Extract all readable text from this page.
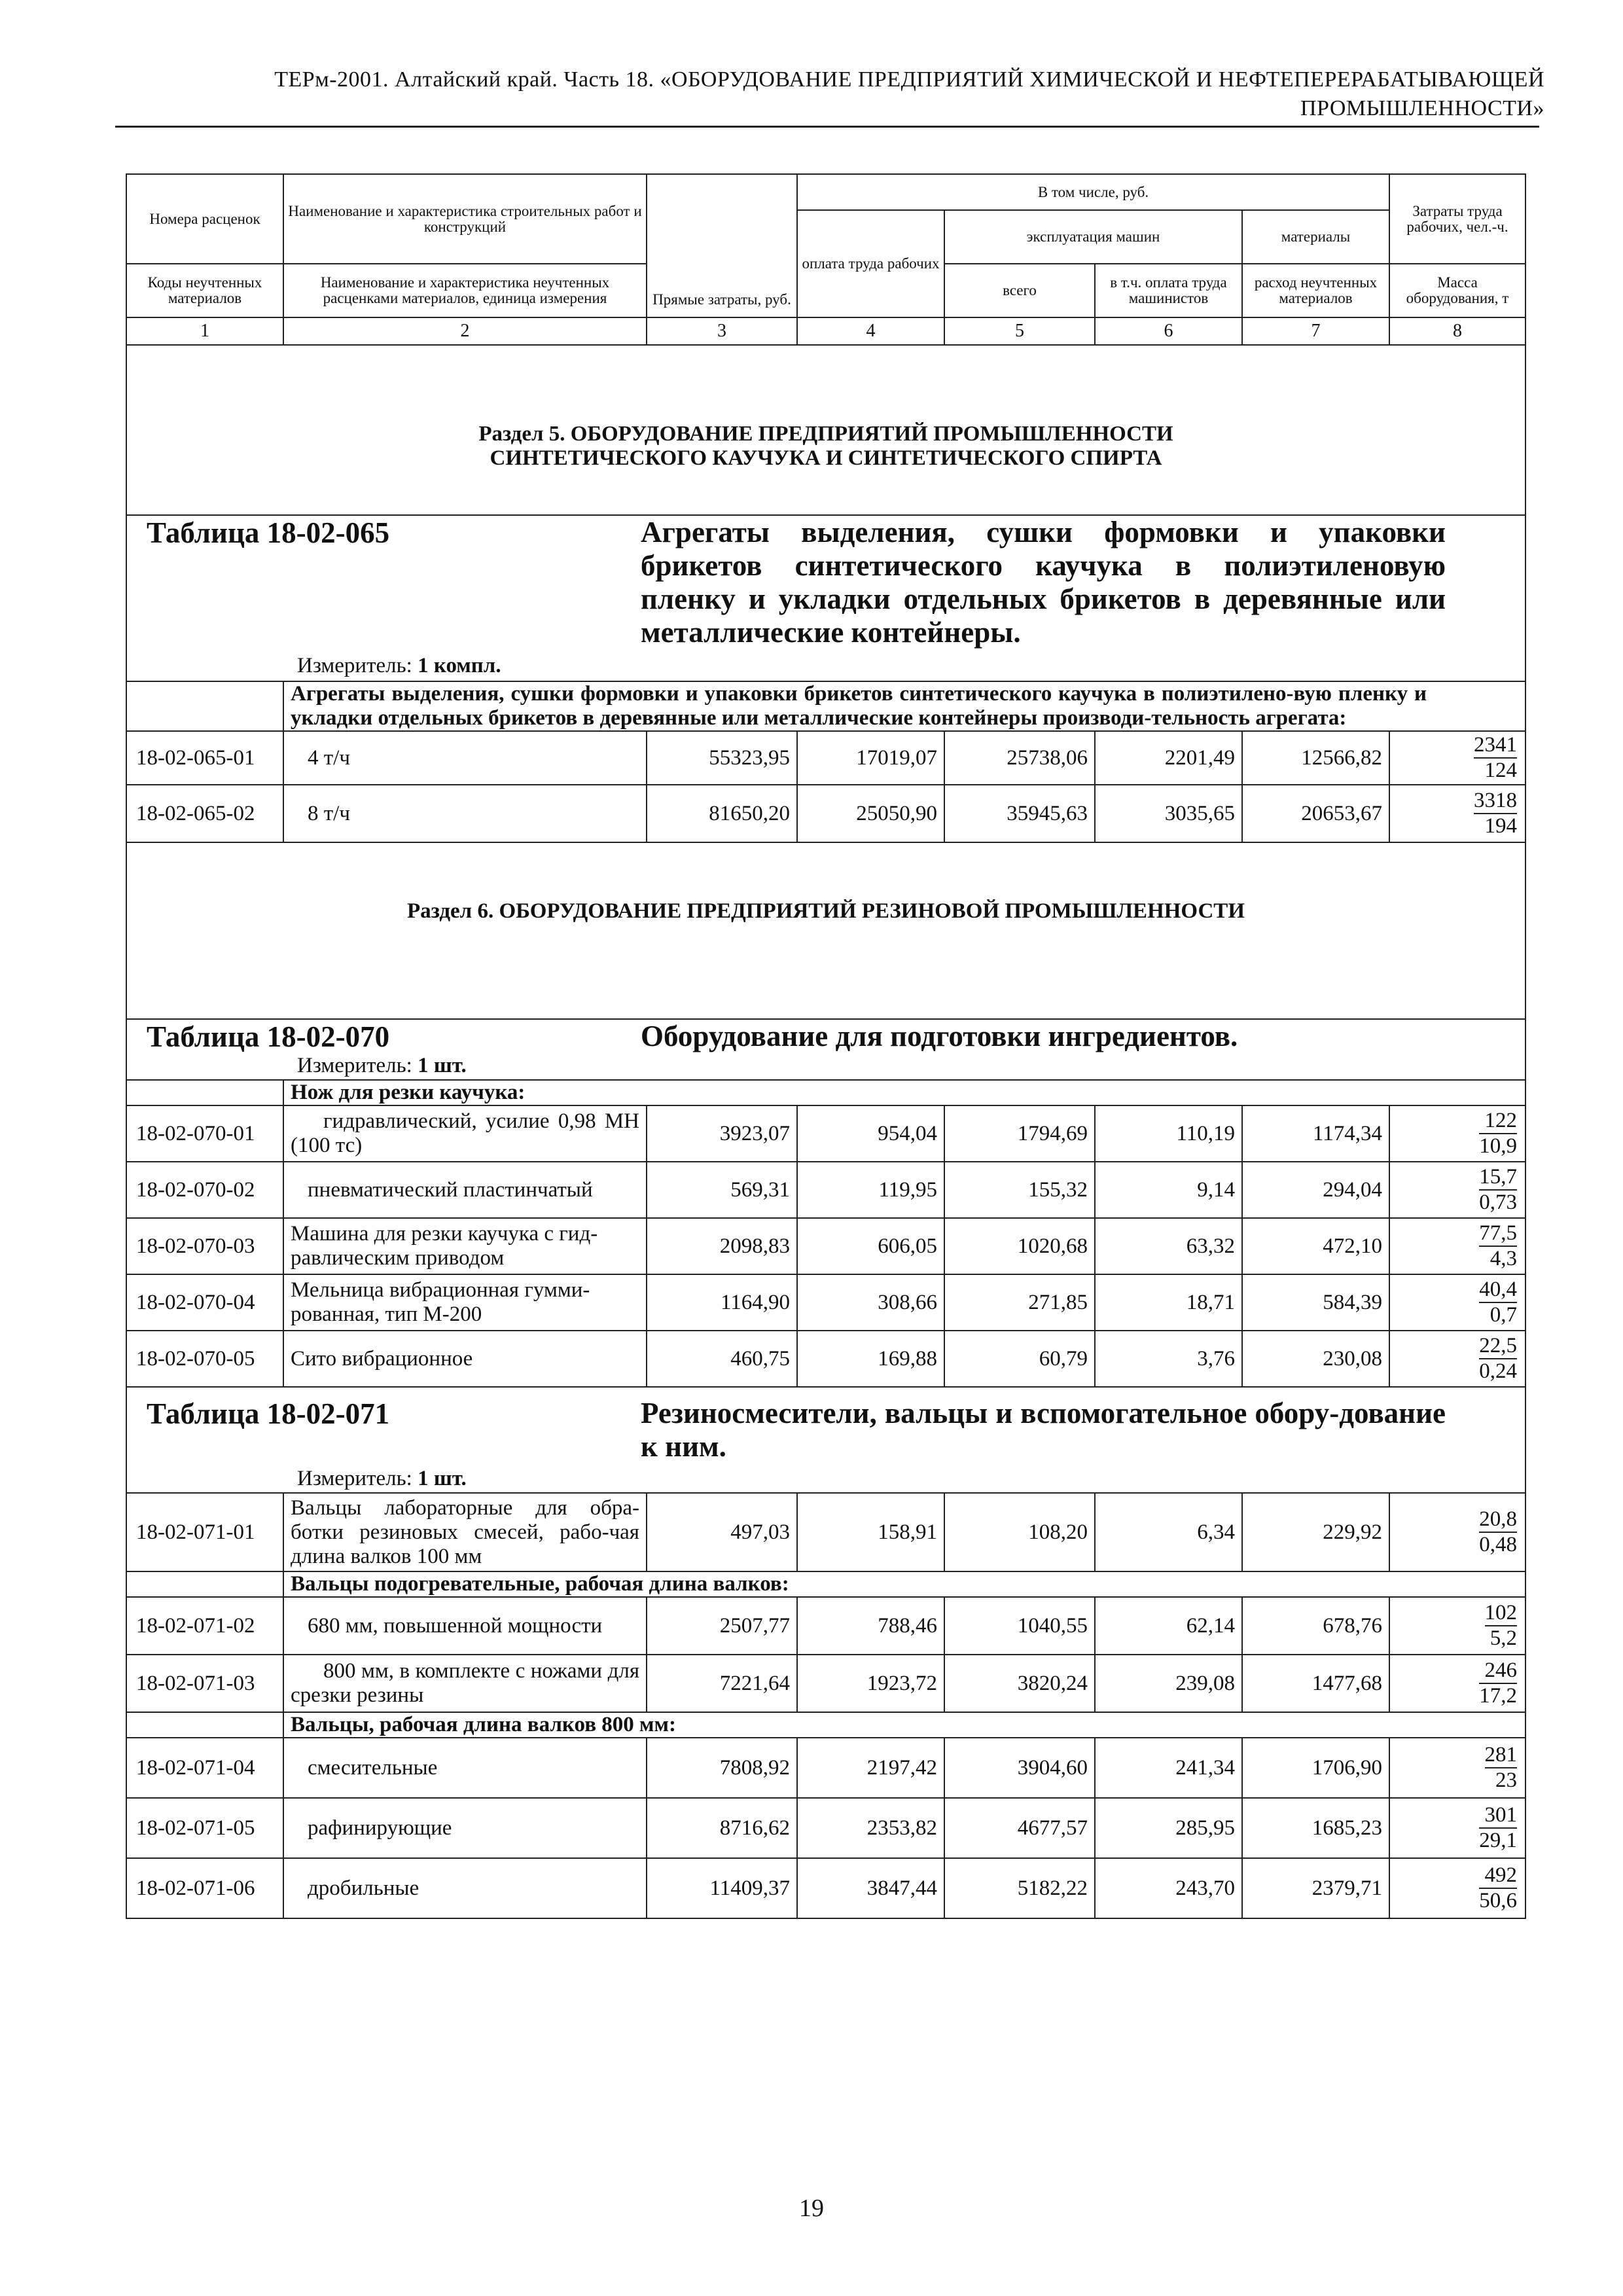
ТЕРм-2001. Алтайский край. Часть 18. «ОБОРУДОВАНИЕ ПРЕДПРИЯТИЙ ХИМИЧЕСКОЙ И НЕФТЕПЕРЕРАБАТЫВАЮЩЕЙ
ПРОМЫШЛЕННОСТИ»
Номера расценок	Наименование и характеристика строительных работ и конструкций	Прямые затраты, руб.	В том числе, руб.				Затраты труда рабочих, чел.-ч.
			оплата труда рабочих	эксплуатация машин		материалы	
Коды неучтенных материалов	Наименование и характеристика неучтенных расценками материалов, единица измерения			всего	в т.ч. оплата труда машинистов	расход неучтенных материалов	Масса оборудования, т
1	2	3	4	5	6	7	8

Раздел 5. ОБОРУДОВАНИЕ ПРЕДПРИЯТИЙ ПРОМЫШЛЕННОСТИ
СИНТЕТИЧЕСКОГО КАУЧУКА И СИНТЕТИЧЕСКОГО СПИРТА							

Таблица 18-02-065
Измеритель: 1 компл.
Агрегаты выделения, сушки формовки и упаковки брикетов синтетического каучука в полиэтиленовую пленку и укладки отдельных брикетов в деревянные или металлические контейнеры.							

	Агрегаты выделения, сушки формовки и упаковки брикетов синтетического каучука в полиэтилено-вую пленку и укладки отдельных брикетов в деревянные или металлические контейнеры производи-тельность агрегата:						
18-02-065-01	4 т/ч	55323,95	17019,07	25738,06	2201,49	12566,82	$\frac{2341}{124}$

18-02-065-02	8 т/ч	81650,20	25050,90	35945,63	3035,65	20653,67	$\frac{3318}{194}$

Раздел 6. ОБОРУДОВАНИЕ ПРЕДПРИЯТИЙ РЕЗИНОВОЙ ПРОМЫШЛЕННОСТИ							

Таблица 18-02-070
Измеритель: 1 шт.
Оборудование для подготовки ингредиентов.							

	Нож для резки каучука:						
18-02-070-01	гидравлический, усилие 0,98 МН (100 тс)	3923,07	954,04	1794,69	110,19	1174,34	$\frac{122}{10,9}$

18-02-070-02	пневматический пластинчатый	569,31	119,95	155,32	9,14	294,04	$\frac{15,7}{0,73}$

18-02-070-03	Машина для резки каучука с гид-равлическим приводом	2098,83	606,05	1020,68	63,32	472,10	$\frac{77,5}{4,3}$

18-02-070-04	Мельница вибрационная гумми-рованная, тип М-200	1164,90	308,66	271,85	18,71	584,39	$\frac{40,4}{0,7}$

18-02-070-05	Сито вибрационное	460,75	169,88	60,79	3,76	230,08	$\frac{22,5}{0,24}$

Таблица 18-02-071
Измеритель: 1 шт.
Резиносмесители, вальцы и вспомогательное обору-дование к ним.							

18-02-071-01	Вальцы лабораторные для обра-ботки резиновых смесей, рабо-чая длина валков 100 мм	497,03	158,91	108,20	6,34	229,92	$\frac{20,8}{0,48}$

	Вальцы подогревательные, рабочая длина валков:						
18-02-071-02	680 мм, повышенной мощности	2507,77	788,46	1040,55	62,14	678,76	$\frac{102}{5,2}$

18-02-071-03	800 мм, в комплекте с ножами для срезки резины	7221,64	1923,72	3820,24	239,08	1477,68	$\frac{246}{17,2}$

	Вальцы, рабочая длина валков 800 мм:						
18-02-071-04	смесительные	7808,92	2197,42	3904,60	241,34	1706,90	$\frac{281}{23}$

18-02-071-05	рафинирующие	8716,62	2353,82	4677,57	285,95	1685,23	$\frac{301}{29,1}$

18-02-071-06	дробильные	11409,37	3847,44	5182,22	243,70	2379,71	$\frac{492}{50,6}$
19
